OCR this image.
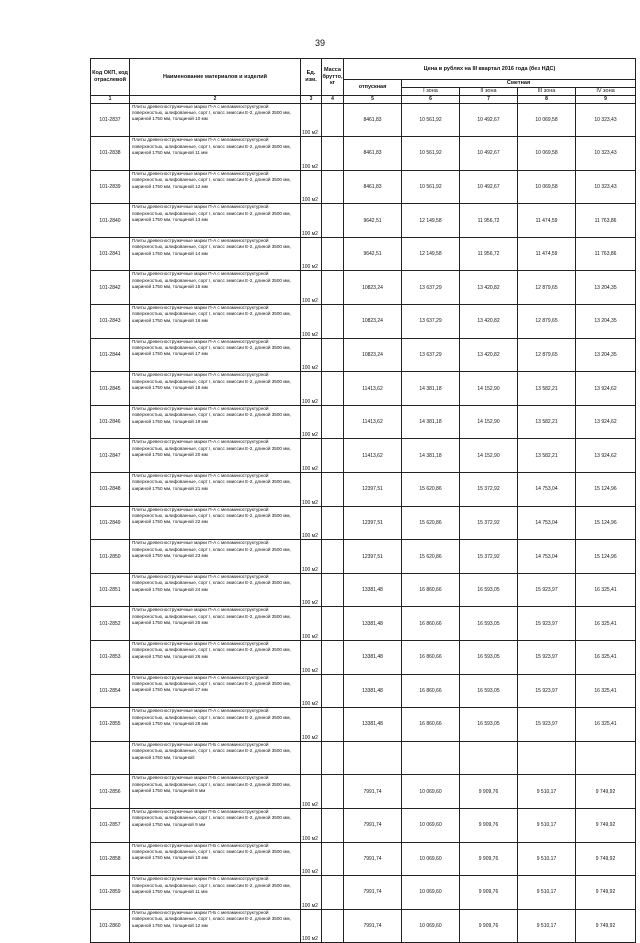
39
Код ОКП, код отраслевой	Наименование материалов и изделий	Ед. изм.	Масса брутто, кг	Цена в рублях на III квартал 2016 года (без НДС)				
				отпускная	Сметная			
					I зона	II зона	III зона	IV зона
1	2	3	4	5	6	7	8	9
101-2837	Плиты древесностружечные марки П-А с меламиноструктурной поверхностью, шлифованные, сорт I, класс эмиссии Е-2, длиной 3500 мм, шириной 1750 мм, толщиной 10 мм	100 м2		8461,83	10 561,92	10 492,67	10 069,58	10 323,43
101-2838	Плиты древесностружечные марки П-А с меламиноструктурной поверхностью, шлифованные, сорт I, класс эмиссии Е-2, длиной 3500 мм, шириной 1750 мм, толщиной 11 мм	100 м2		8461,83	10 561,92	10 492,67	10 069,58	10 323,43
101-2839	Плиты древесностружечные марки П-А с меламиноструктурной поверхностью, шлифованные, сорт I, класс эмиссии Е-2, длиной 3500 мм, шириной 1750 мм, толщиной 12 мм	100 м2		8461,83	10 561,92	10 492,67	10 069,58	10 323,43
101-2840	Плиты древесностружечные марки П-А с меламиноструктурной поверхностью, шлифованные, сорт I, класс эмиссии Е-2, длиной 3500 мм, шириной 1750 мм, толщиной 13 мм	100 м2		9642,51	12 149,58	11 956,72	11 474,59	11 763,86
101-2841	Плиты древесностружечные марки П-А с меламиноструктурной поверхностью, шлифованные, сорт I, класс эмиссии Е-2, длиной 3500 мм, шириной 1750 мм, толщиной 14 мм	100 м2		9642,51	12 149,58	11 956,72	11 474,59	11 763,86
101-2842	Плиты древесностружечные марки П-А с меламиноструктурной поверхностью, шлифованные, сорт I, класс эмиссии Е-2, длиной 3500 мм, шириной 1750 мм, толщиной 15 мм	100 м2		10823,24	13 637,29	13 420,82	12 879,65	13 204,35
101-2843	Плиты древесностружечные марки П-А с меламиноструктурной поверхностью, шлифованные, сорт I, класс эмиссии Е-2, длиной 3500 мм, шириной 1750 мм, толщиной 16 мм	100 м2		10823,24	13 637,29	13 420,82	12 879,65	13 204,35
101-2844	Плиты древесностружечные марки П-А с меламиноструктурной поверхностью, шлифованные, сорт I, класс эмиссии Е-2, длиной 3500 мм, шириной 1750 мм, толщиной 17 мм	100 м2		10823,24	13 637,29	13 420,82	12 879,65	13 204,35
101-2845	Плиты древесностружечные марки П-А с меламиноструктурной поверхностью, шлифованные, сорт I, класс эмиссии Е-2, длиной 3500 мм, шириной 1750 мм, толщиной 18 мм	100 м2		11413,62	14 381,18	14 152,90	13 582,21	13 924,62
101-2846	Плиты древесностружечные марки П-А с меламиноструктурной поверхностью, шлифованные, сорт I, класс эмиссии Е-2, длиной 3500 мм, шириной 1750 мм, толщиной 19 мм	100 м2		11413,62	14 381,18	14 152,90	13 582,21	13 924,62
101-2847	Плиты древесностружечные марки П-А с меламиноструктурной поверхностью, шлифованные, сорт I, класс эмиссии Е-2, длиной 3500 мм, шириной 1750 мм, толщиной 20 мм	100 м2		11413,62	14 381,18	14 152,90	13 582,21	13 924,62
101-2848	Плиты древесностружечные марки П-А с меламиноструктурной поверхностью, шлифованные, сорт I, класс эмиссии Е-2, длиной 3500 мм, шириной 1750 мм, толщиной 21 мм	100 м2		12397,51	15 620,86	15 372,92	14 753,04	15 124,96
101-2849	Плиты древесностружечные марки П-А с меламиноструктурной поверхностью, шлифованные, сорт I, класс эмиссии Е-2, длиной 3500 мм, шириной 1750 мм, толщиной 22 мм	100 м2		12397,51	15 620,86	15 372,92	14 753,04	15 124,96
101-2850	Плиты древесностружечные марки П-А с меламиноструктурной поверхностью, шлифованные, сорт I, класс эмиссии Е-2, длиной 3500 мм, шириной 1750 мм, толщиной 23 мм	100 м2		12397,51	15 620,86	15 372,92	14 753,04	15 124,96
101-2851	Плиты древесностружечные марки П-А с меламиноструктурной поверхностью, шлифованные, сорт I, класс эмиссии Е-2, длиной 3500 мм, шириной 1750 мм, толщиной 24 мм	100 м2		13381,48	16 860,66	16 593,05	15 923,97	16 325,41
101-2852	Плиты древесностружечные марки П-А с меламиноструктурной поверхностью, шлифованные, сорт I, класс эмиссии Е-2, длиной 3500 мм, шириной 1750 мм, толщиной 25 мм	100 м2		13381,48	16 860,66	16 593,05	15 923,97	16 325,41
101-2853	Плиты древесностружечные марки П-А с меламиноструктурной поверхностью, шлифованные, сорт I, класс эмиссии Е-2, длиной 3500 мм, шириной 1750 мм, толщиной 26 мм	100 м2		13381,48	16 860,66	16 593,05	15 923,97	16 325,41
101-2854	Плиты древесностружечные марки П-А с меламиноструктурной поверхностью, шлифованные, сорт I, класс эмиссии Е-2, длиной 3500 мм, шириной 1750 мм, толщиной 27 мм	100 м2		13381,48	16 860,66	16 593,05	15 923,97	16 325,41
101-2855	Плиты древесностружечные марки П-А с меламиноструктурной поверхностью, шлифованные, сорт I, класс эмиссии Е-2, длиной 3500 мм, шириной 1750 мм, толщиной 28 мм	100 м2		13381,48	16 860,66	16 593,05	15 923,97	16 325,41

	Плиты древесностружечные марки П-Б с меламиноструктурной поверхностью, шлифованные, сорт I, класс эмиссии Е-2, длиной 3500 мм, шириной 1750 мм, толщиной:							

101-2856	Плиты древесностружечные марки П-Б с меламиноструктурной поверхностью, шлифованные, сорт I, класс эмиссии Е-2, длиной 3500 мм, шириной 1750 мм, толщиной 8 мм	100 м2		7991,74	10 069,60	9 909,76	9 510,17	9 749,92
101-2857	Плиты древесностружечные марки П-Б с меламиноструктурной поверхностью, шлифованные, сорт I, класс эмиссии Е-2, длиной 3500 мм, шириной 1750 мм, толщиной 9 мм	100 м2		7991,74	10 069,60	9 909,76	9 510,17	9 749,92
101-2858	Плиты древесностружечные марки П-Б с меламиноструктурной поверхностью, шлифованные, сорт I, класс эмиссии Е-2, длиной 3500 мм, шириной 1750 мм, толщиной 10 мм	100 м2		7991,74	10 069,60	9 909,76	9 510,17	9 749,92
101-2859	Плиты древесностружечные марки П-Б с меламиноструктурной поверхностью, шлифованные, сорт I, класс эмиссии Е-2, длиной 3500 мм, шириной 1750 мм, толщиной 11 мм	100 м2		7991,74	10 069,60	9 909,76	9 510,17	9 749,92
101-2860	Плиты древесностружечные марки П-Б с меламиноструктурной поверхностью, шлифованные, сорт I, класс эмиссии Е-2, длиной 3500 мм, шириной 1750 мм, толщиной 12 мм	100 м2		7991,74	10 069,60	9 909,76	9 510,17	9 749,92
